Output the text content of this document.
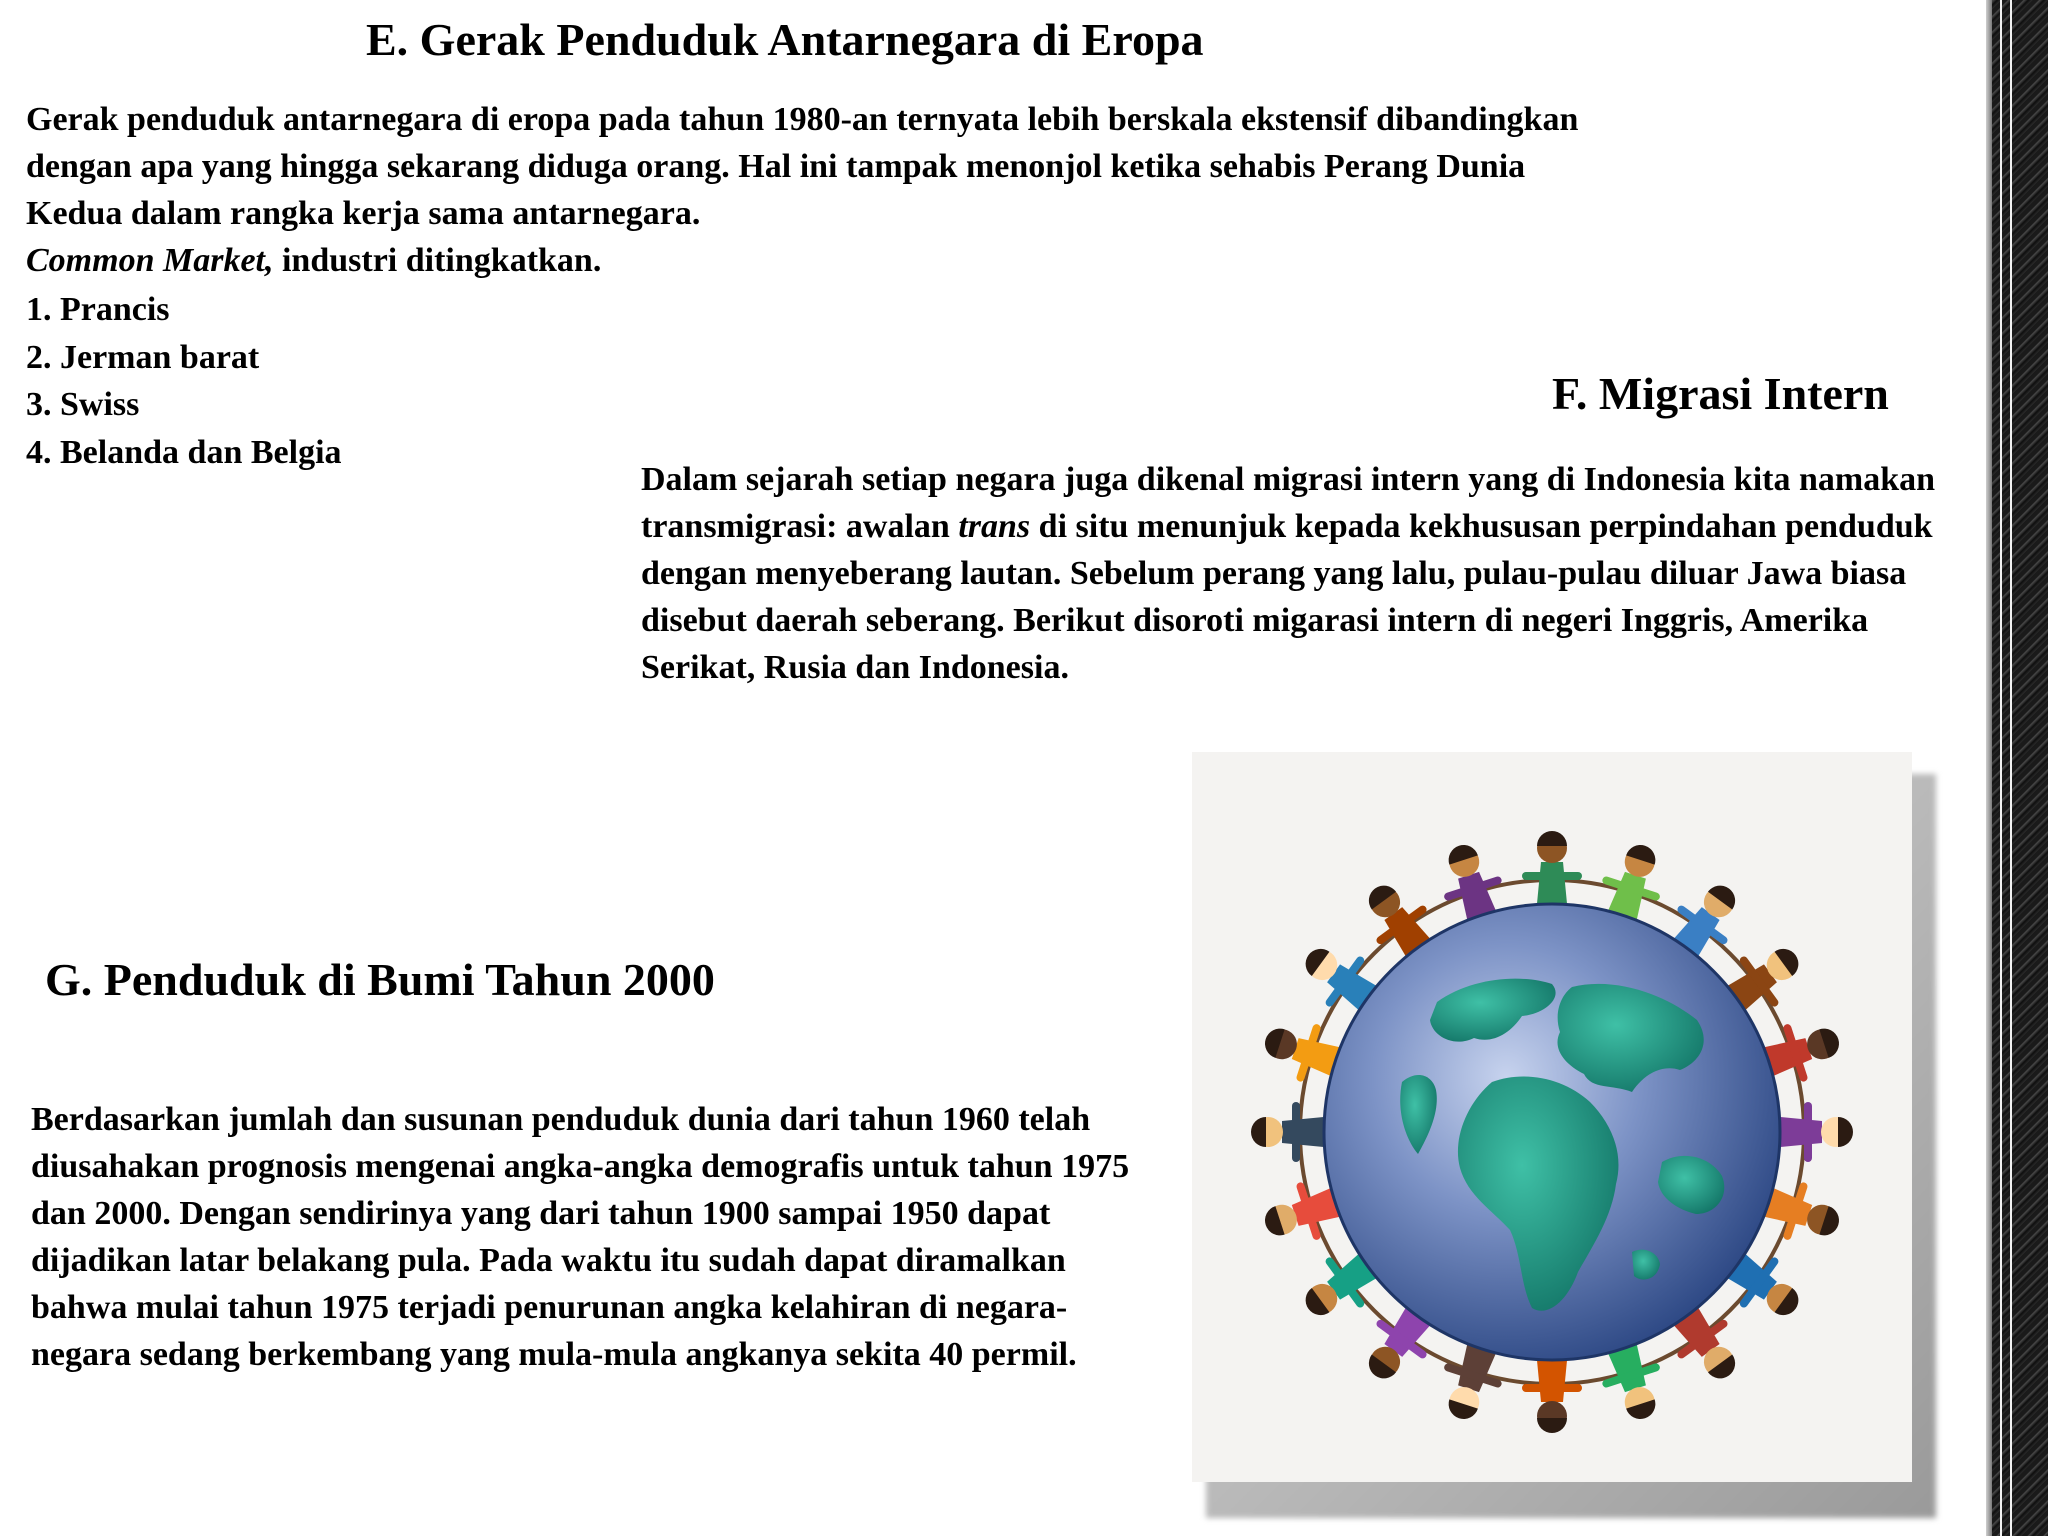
E. Gerak Penduduk Antarnegara di Eropa

Gerak penduduk antarnegara di eropa pada tahun 1980-an ternyata lebih berskala ekstensif dibandingkan dengan apa yang hingga sekarang diduga orang. Hal ini tampak menonjol ketika sehabis Perang Dunia Kedua dalam rangka kerja sama antarnegara.
Common Market, industri ditingkatkan.

1. Prancis
2. Jerman barat
3. Swiss
4. Belanda dan Belgia
F. Migrasi Intern

Dalam sejarah setiap negara juga dikenal migrasi intern yang di Indonesia kita namakan transmigrasi: awalan trans di situ menunjuk kepada kekhususan perpindahan penduduk dengan menyeberang lautan. Sebelum perang yang lalu, pulau-pulau diluar Jawa biasa disebut daerah seberang. Berikut disoroti migarasi intern di negeri Inggris, Amerika Serikat, Rusia dan Indonesia.

G. Penduduk di Bumi Tahun 2000

Berdasarkan jumlah dan susunan penduduk dunia dari tahun 1960 telah diusahakan prognosis mengenai angka-angka demografis untuk tahun 1975 dan 2000. Dengan sendirinya yang dari tahun 1900 sampai 1950 dapat dijadikan latar belakang pula. Pada waktu itu sudah dapat diramalkan bahwa mulai tahun 1975 terjadi penurunan angka kelahiran di negara-negara sedang berkembang yang mula-mula angkanya sekita 40 permil.
